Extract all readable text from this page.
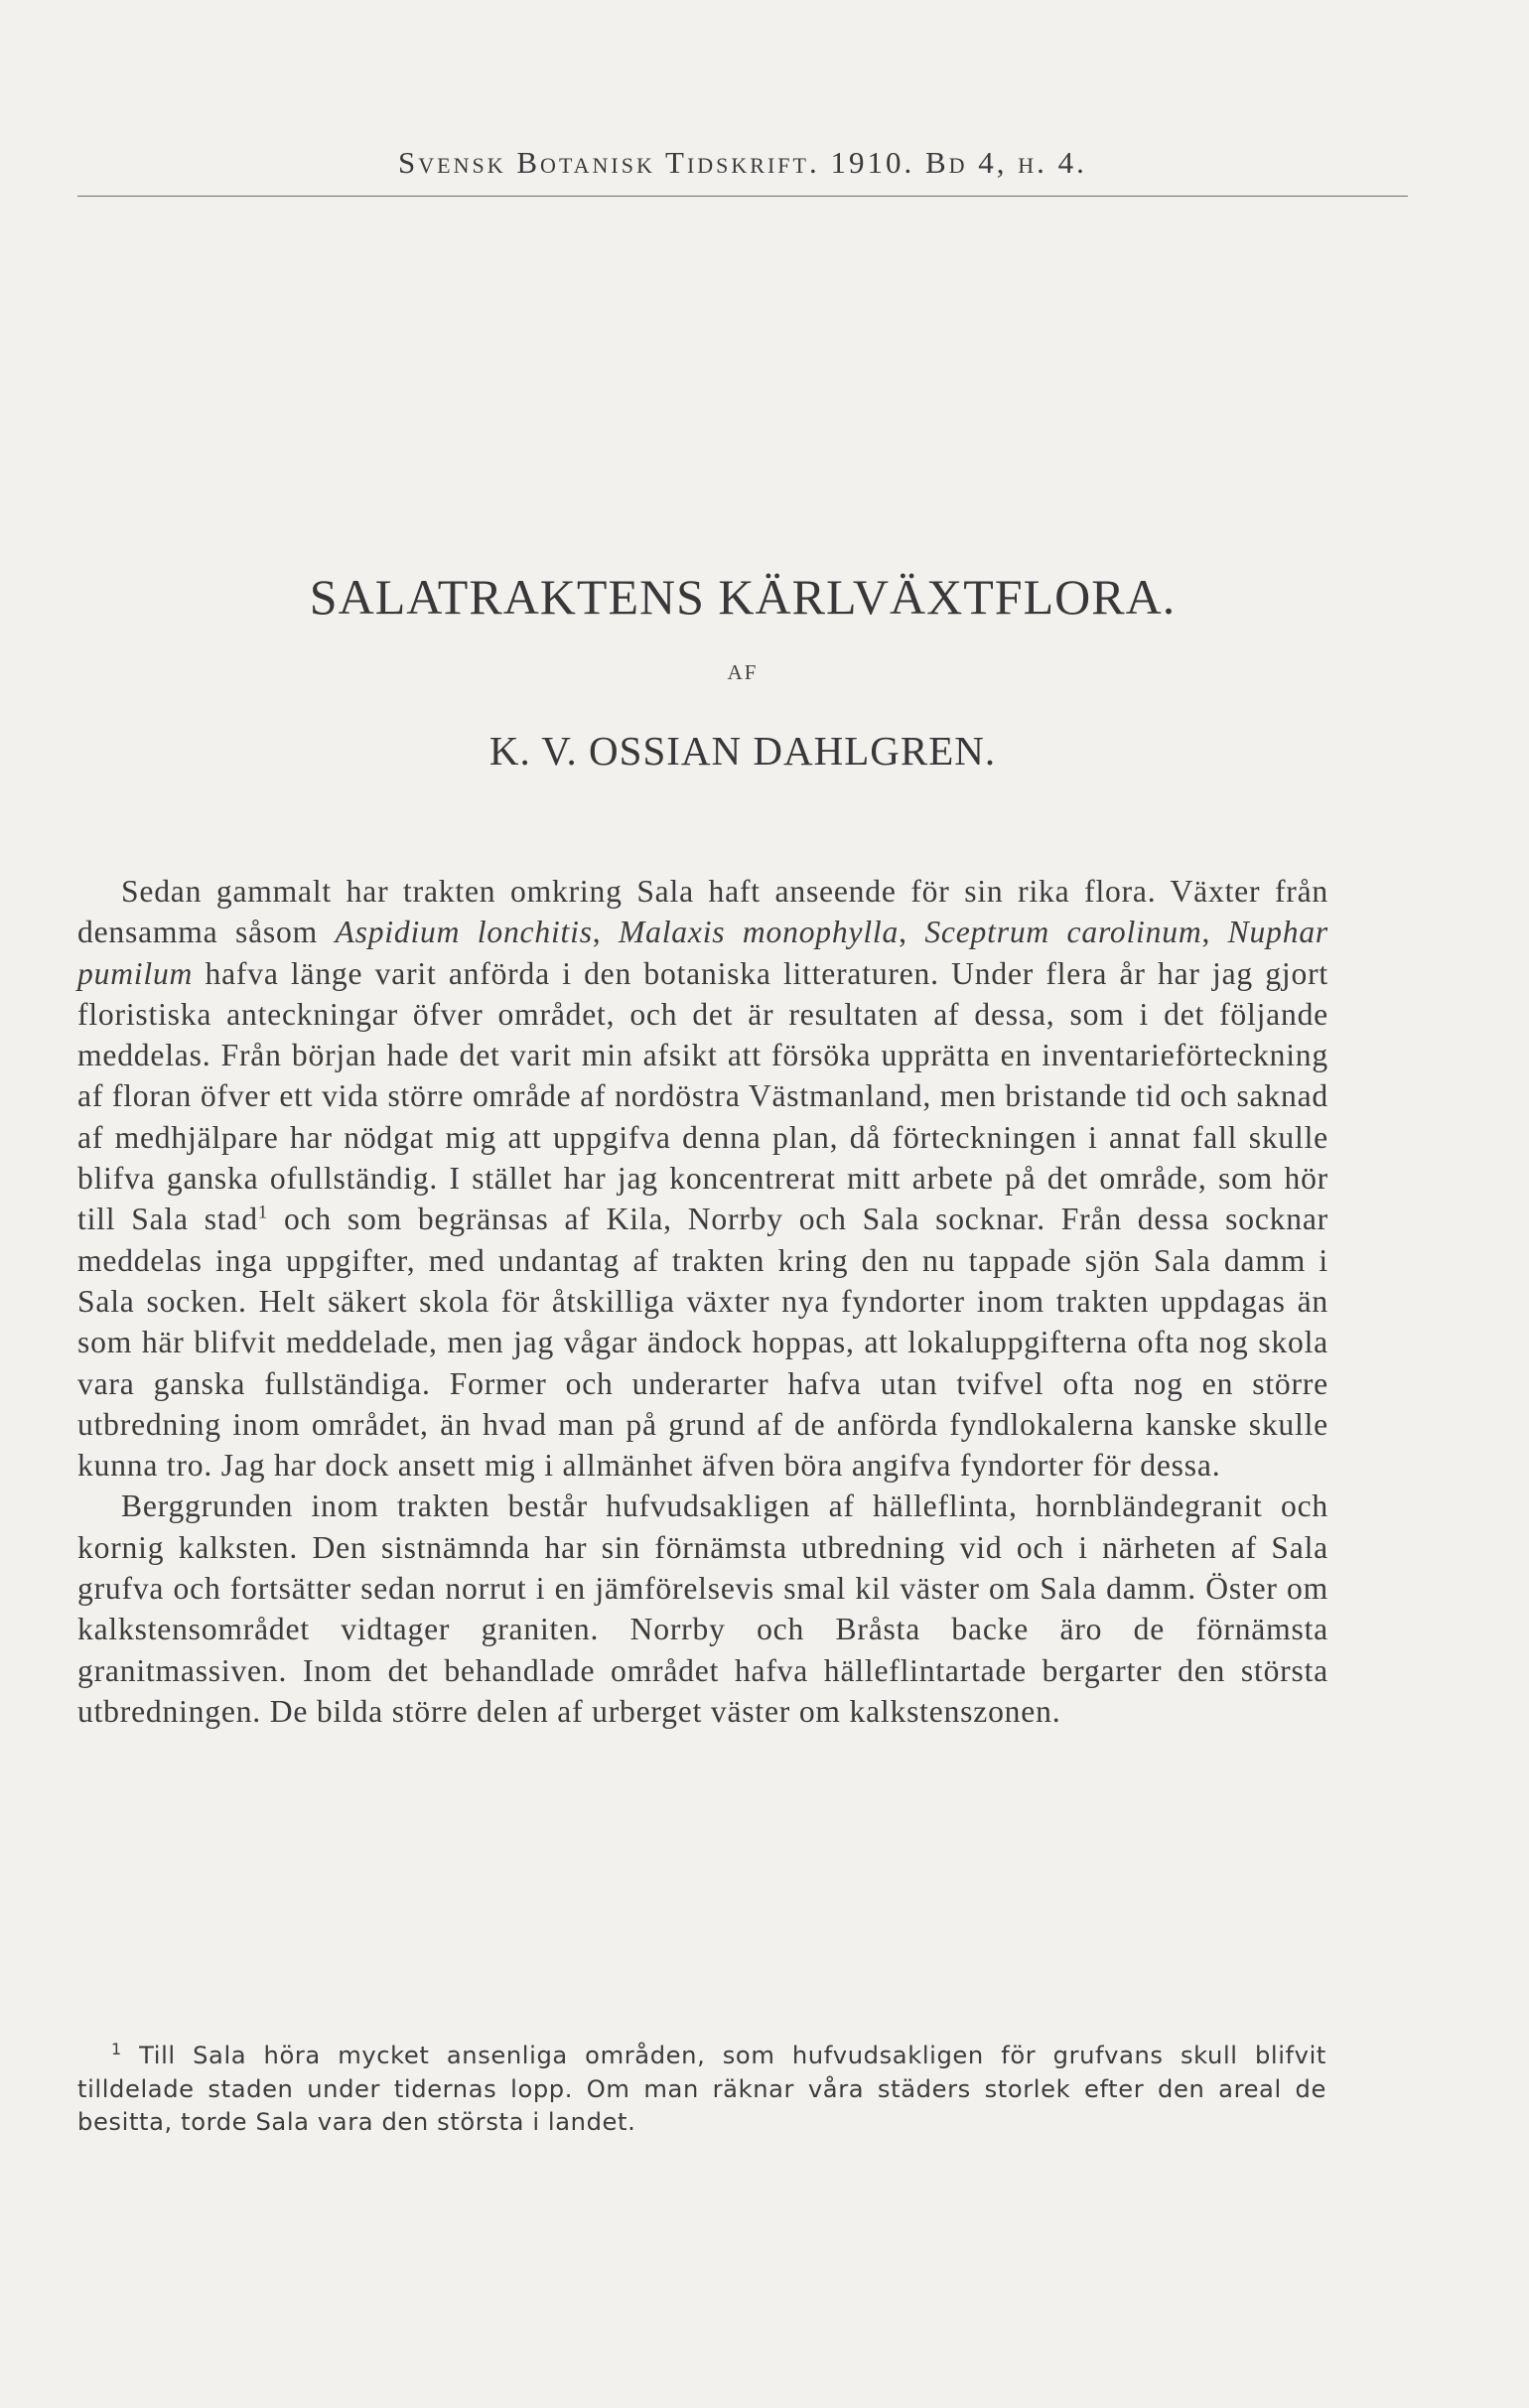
Svensk Botanisk Tidskrift. 1910. Bd 4, h. 4.
SALATRAKTENS KÄRLVÄXTFLORA.
AF
K. V. OSSIAN DAHLGREN.

Sedan gammalt har trakten omkring Sala haft anseende för sin rika flora. Växter från densamma såsom Aspidium lonchitis, Malaxis monophylla, Sceptrum carolinum, Nuphar pumilum hafva länge varit anförda i den botaniska litteraturen. Under flera år har jag gjort floristiska anteckningar öfver området, och det är resultaten af dessa, som i det följande meddelas. Från början hade det varit min afsikt att försöka upprätta en inventarieförteckning af floran öfver ett vida större område af nordöstra Västmanland, men bristande tid och saknad af medhjälpare har nödgat mig att uppgifva denna plan, då förteckningen i annat fall skulle blifva ganska ofullständig. I stället har jag koncentrerat mitt arbete på det område, som hör till Sala stad$^1$ och som begränsas af Kila, Norrby och Sala socknar. Från dessa socknar meddelas inga uppgifter, med undantag af trakten kring den nu tappade sjön Sala damm i Sala socken. Helt säkert skola för åtskilliga växter nya fyndorter inom trakten uppdagas än som här blifvit meddelade, men jag vågar ändock hoppas, att lokaluppgifterna ofta nog skola vara ganska fullständiga. Former och underarter hafva utan tvifvel ofta nog en större utbredning inom området, än hvad man på grund af de anförda fyndlokalerna kanske skulle kunna tro. Jag har dock ansett mig i allmänhet äfven böra angifva fyndorter för dessa.

Berggrunden inom trakten består hufvudsakligen af hälleflinta, hornbländegranit och kornig kalksten. Den sistnämnda har sin förnämsta utbredning vid och i närheten af Sala grufva och fortsätter sedan norrut i en jämförelsevis smal kil väster om Sala damm. Öster om kalkstensområdet vidtager graniten. Norrby och Bråsta backe äro de förnämsta granitmassiven. Inom det behandlade området hafva hälleflintartade bergarter den största utbredningen. De bilda större delen af urberget väster om kalkstenszonen.

$^1$ Till Sala höra mycket ansenliga områden, som hufvudsakligen för grufvans skull blifvit tilldelade staden under tidernas lopp. Om man räknar våra städers storlek efter den areal de besitta, torde Sala vara den största i landet.
